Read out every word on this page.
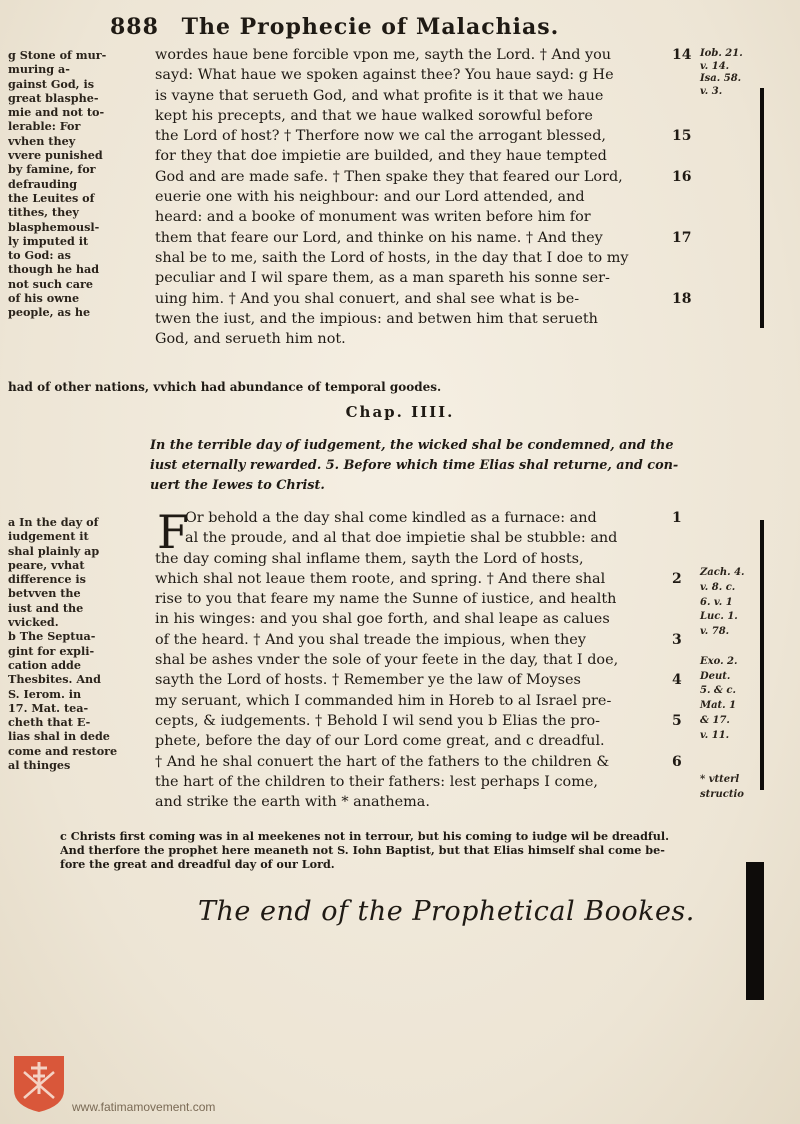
888 The Prophecie of Malachias.
g Stone of mur-
muring a-
gainst God, is
great blasphe-
mie and not to-
lerable: For
vvhen they
vvere punished
by famine, for
defrauding
the Leuites of
tithes, they
blasphemousl-
ly imputed it
to God: as
though he had
not such care
of his owne
people, as he
had of other nations, vvhich had abundance of temporal goodes.
Iob. 21.
v. 14.
Isa. 58.
v. 3.
wordes haue bene forcible vpon me, sayth the Lord. † And you
sayd: What haue we spoken against thee? You haue sayd: g He
is vayne that serueth God, and what profite is it that we haue
kept his precepts, and that we haue walked sorowful before
the Lord of host? † Therfore now we cal the arrogant blessed,
for they that doe impietie are builded, and they haue tempted
God and are made safe. † Then spake they that feared our Lord,
euerie one with his neighbour: and our Lord attended, and
heard: and a booke of monument was writen before him for
them that feare our Lord, and thinke on his name. † And they
shal be to me, saith the Lord of hosts, in the day that I doe to my
peculiar and I wil spare them, as a man spareth his sonne ser-
uing him. † And you shal conuert, and shal see what is be-
twen the iust, and the impious: and betwen him that serueth
God, and serueth him not.
14
15
16
17
18
Chap. IIII.
In the terrible day of iudgement, the wicked shal be condemned, and the
iust eternally rewarded. 5. Before which time Elias shal returne, and con-
uert the Iewes to Christ.
a In the day of
iudgement it
shal plainly ap
peare, vvhat
difference is
betvven the
iust and the
vvicked.
b The Septua-
gint for expli-
cation adde
Thesbites. And
S. Ierom. in
17. Mat. tea-
cheth that E-
lias shal in dede
come and restore
al thinges
Zach. 4.
v. 8. c.
6. v. 1
Luc. 1.
v. 78.

Exo. 2.
Deut.
5. & c.
Mat. 1
& 17.
v. 11.

* vtterl
structio
F
Or behold a the day shal come kindled as a furnace: and
al the proude, and al that doe impietie shal be stubble: and
the day coming shal inflame them, sayth the Lord of hosts,
which shal not leaue them roote, and spring. † And there shal
rise to you that feare my name the Sunne of iustice, and health
in his winges: and you shal goe forth, and shal leape as calues
of the heard. † And you shal treade the impious, when they
shal be ashes vnder the sole of your feete in the day, that I doe,
sayth the Lord of hosts. † Remember ye the law of Moyses
my seruant, which I commanded him in Horeb to al Israel pre-
cepts, & iudgements. † Behold I wil send you b Elias the pro-
phete, before the day of our Lord come great, and c dreadful.
† And he shal conuert the hart of the fathers to the children &
the hart of the children to their fathers: lest perhaps I come,
and strike the earth with * anathema.
1
2
3
4
5
6
c Christs first coming was in al meekenes not in terrour, but his coming to iudge wil be dreadful.
And therfore the prophet here meaneth not S. Iohn Baptist, but that Elias himself shal come be-
fore the great and dreadful day of our Lord.
The end of the Prophetical Bookes.
www.fatimamovement.com
